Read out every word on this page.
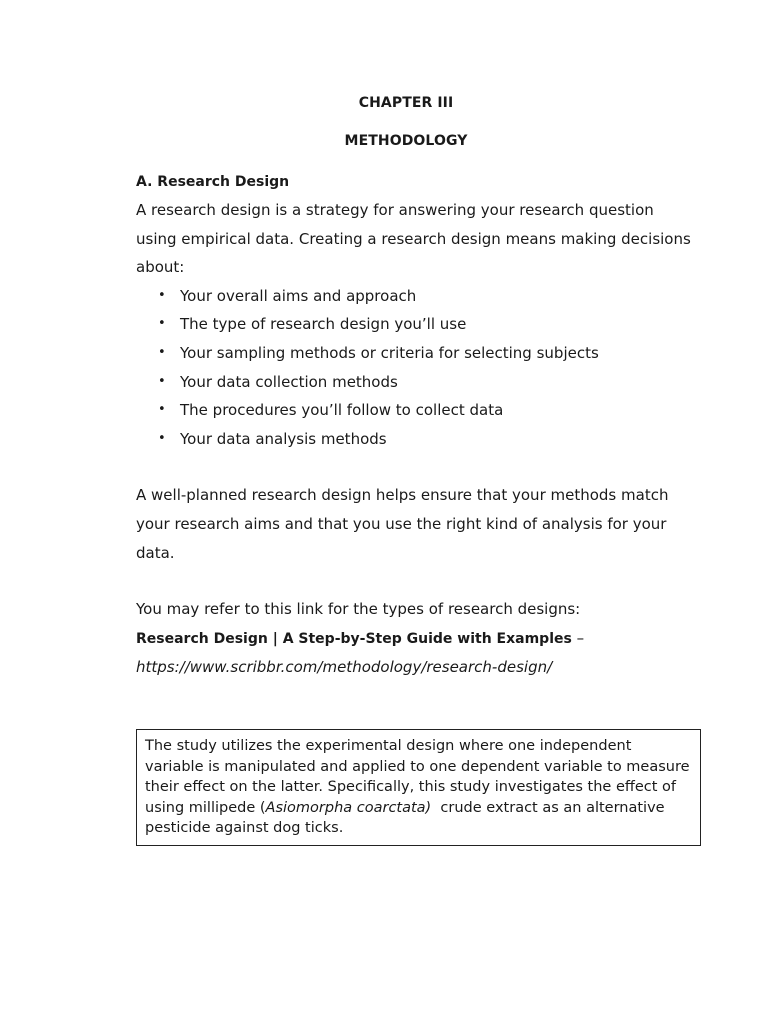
CHAPTER III
METHODOLOGY
A. Research Design

A research design is a strategy for answering your research question using empirical data. Creating a research design means making decisions about:

• Your overall aims and approach
• The type of research design you’ll use
• Your sampling methods or criteria for selecting subjects
• Your data collection methods
• The procedures you’ll follow to collect data
• Your data analysis methods

A well-planned research design helps ensure that your methods match your research aims and that you use the right kind of analysis for your data.

You may refer to this link for the types of research designs:

Research Design | A Step-by-Step Guide with Examples –

https://www.scribbr.com/methodology/research-design/

The study utilizes the experimental design where one independent variable is manipulated and applied to one dependent variable to measure their effect on the latter. Specifically, this study investigates the effect of using millipede (Asiomorpha coarctata)  crude extract as an alternative pesticide against dog ticks.
